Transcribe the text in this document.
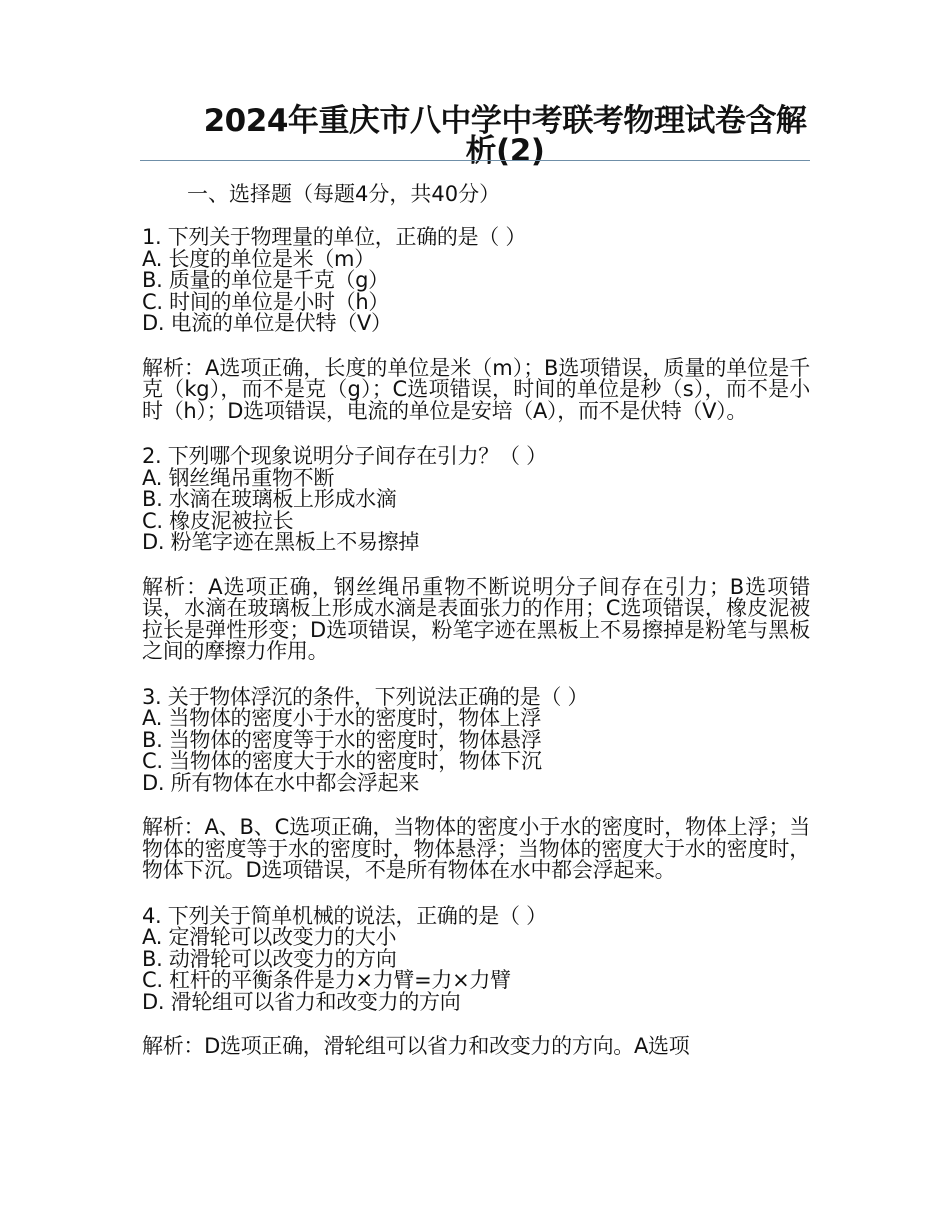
2024年重庆市八中学中考联考物理试卷含解析(2)
一、选择题（每题4分，共40分）
1. 下列关于物理量的单位，正确的是（ ）
A. 长度的单位是米（m）
B. 质量的单位是千克（g）
C. 时间的单位是小时（h）
D. 电流的单位是伏特（V）
解析：A选项正确，长度的单位是米（m）；B选项错误，质量的单位是千克（kg），而不是克（g）；C选项错误，时间的单位是秒（s），而不是小时（h）；D选项错误，电流的单位是安培（A），而不是伏特（V）。
2. 下列哪个现象说明分子间存在引力？（ ）
A. 钢丝绳吊重物不断
B. 水滴在玻璃板上形成水滴
C. 橡皮泥被拉长
D. 粉笔字迹在黑板上不易擦掉
解析：A选项正确，钢丝绳吊重物不断说明分子间存在引力；B选项错误，水滴在玻璃板上形成水滴是表面张力的作用；C选项错误，橡皮泥被拉长是弹性形变；D选项错误，粉笔字迹在黑板上不易擦掉是粉笔与黑板之间的摩擦力作用。
3. 关于物体浮沉的条件，下列说法正确的是（ ）
A. 当物体的密度小于水的密度时，物体上浮
B. 当物体的密度等于水的密度时，物体悬浮
C. 当物体的密度大于水的密度时，物体下沉
D. 所有物体在水中都会浮起来
解析：A、B、C选项正确，当物体的密度小于水的密度时，物体上浮；当物体的密度等于水的密度时，物体悬浮；当物体的密度大于水的密度时，物体下沉。D选项错误，不是所有物体在水中都会浮起来。
4. 下列关于简单机械的说法，正确的是（ ）
A. 定滑轮可以改变力的大小
B. 动滑轮可以改变力的方向
C. 杠杆的平衡条件是力×力臂=力×力臂
D. 滑轮组可以省力和改变力的方向
解析：D选项正确，滑轮组可以省力和改变力的方向。A选项
